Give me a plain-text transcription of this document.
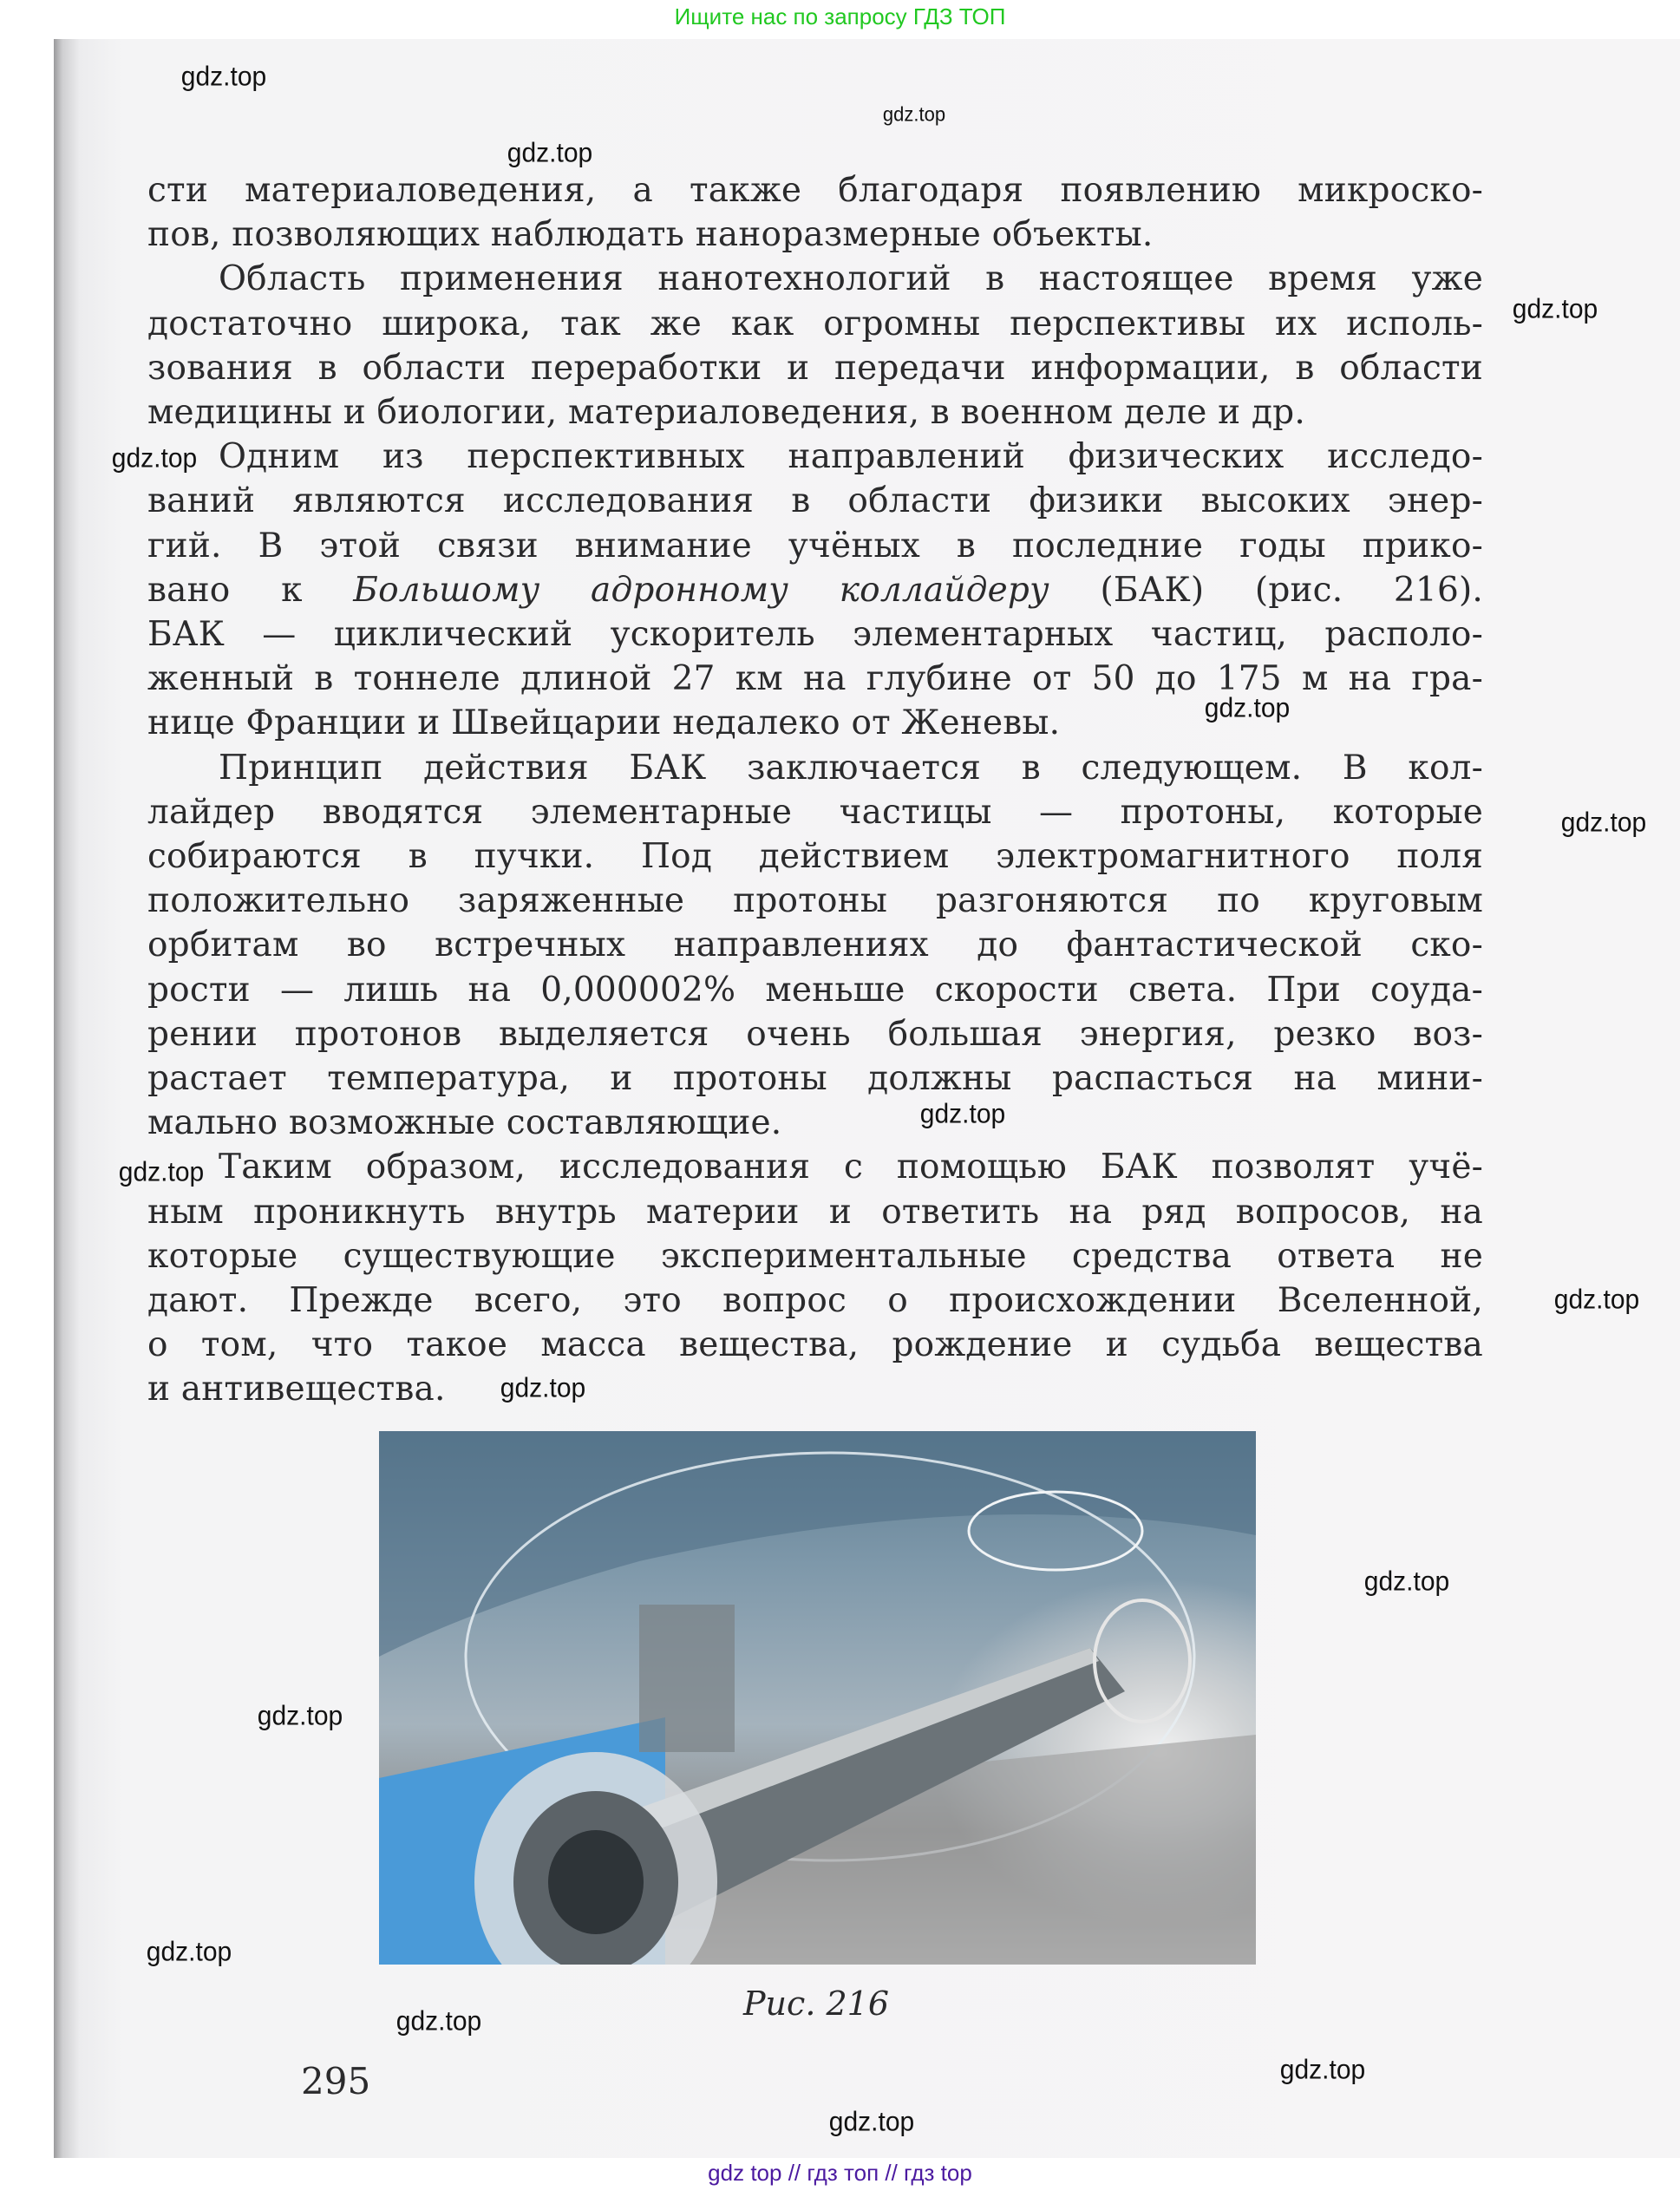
Ищите нас по запросу ГДЗ ТОП
сти материаловедения, а также благодаря появлению микроско-
пов, позволяющих наблюдать наноразмерные объекты.
Область применения нанотехнологий в настоящее время уже
достаточно широка, так же как огромны перспективы их исполь-
зования в области переработки и передачи информации, в области
медицины и биологии, материаловедения, в военном деле и др.
Одним из перспективных направлений физических исследо-
ваний являются исследования в области физики высоких энер-
гий. В этой связи внимание учёных в последние годы прико-
вано к Большому адронному коллайдеру (БАК) (рис. 216).
БАК — циклический ускоритель элементарных частиц, располо-
женный в тоннеле длиной 27 км на глубине от 50 до 175 м на гра-
нице Франции и Швейцарии недалеко от Женевы.
Принцип действия БАК заключается в следующем. В кол-
лайдер вводятся элементарные частицы — протоны, которые
собираются в пучки. Под действием электромагнитного поля
положительно заряженные протоны разгоняются по круговым
орбитам во встречных направлениях до фантастической ско-
рости — лишь на 0,000002% меньше скорости света. При соуда-
рении протонов выделяется очень большая энергия, резко воз-
растает температура, и протоны должны распасться на мини-
мально возможные составляющие.
Таким образом, исследования с помощью БАК позволят учё-
ным проникнуть внутрь материи и ответить на ряд вопросов, на
которые существующие экспериментальные средства ответа не
дают. Прежде всего, это вопрос о происхождении Вселенной,
о том, что такое масса вещества, рождение и судьба вещества
и антивещества.
Рис. 216
295
gdz.top
gdz.top
gdz.top
gdz.top
gdz.top
gdz.top
gdz.top
gdz.top
gdz.top
gdz.top
gdz.top
gdz.top
gdz.top
gdz.top
gdz.top
gdz.top
gdz.top
gdz top // гдз топ // гдз top
